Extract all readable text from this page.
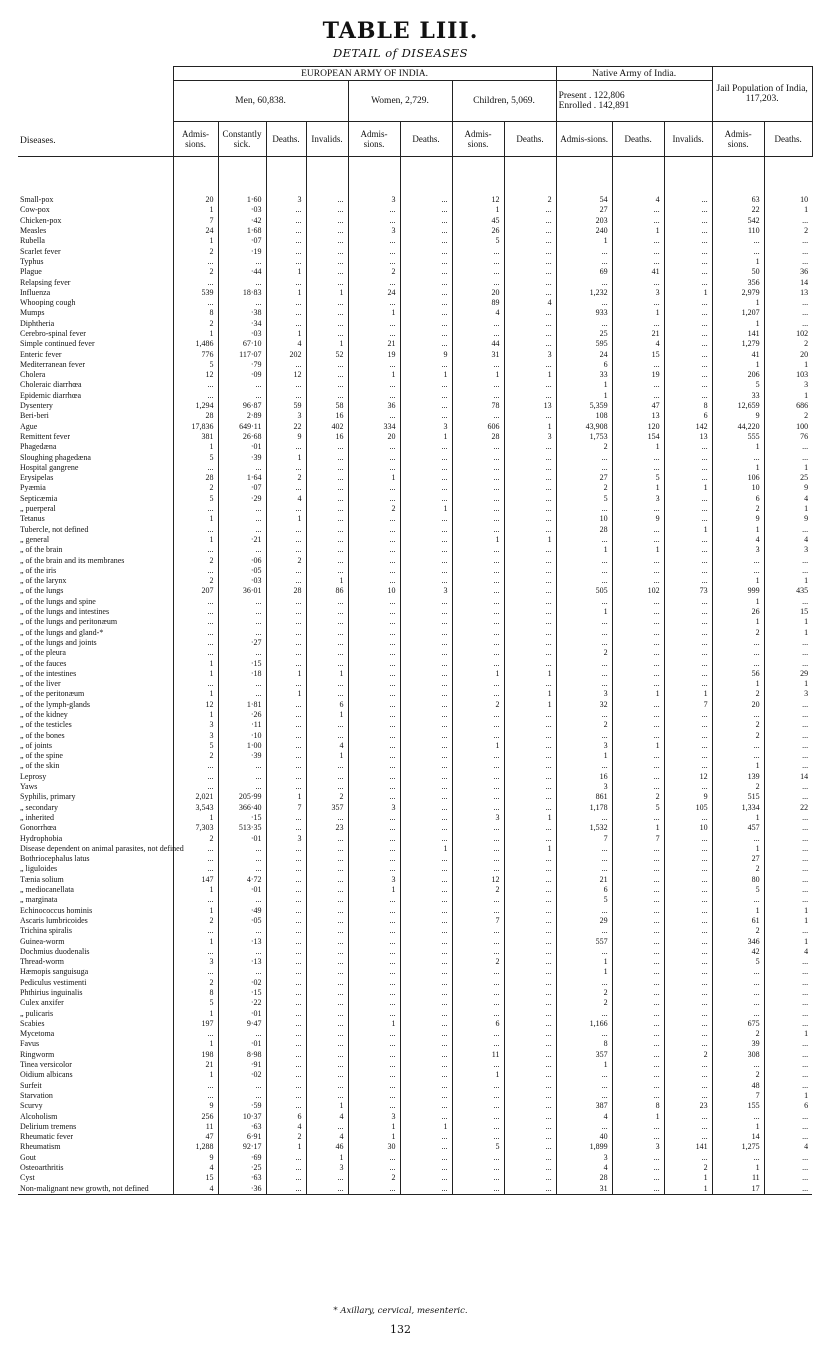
TABLE LIII.
DETAIL of DISEASES
Diseases.	EUROPEAN ARMY OF INDIA.								Native Army of India.			Jail Population of India, 117,203.	
	Men, 60,838.				Women, 2,729.		Children, 5,069.		Present . 122,806
Enrolled . 142,891				

	Admis-sions.	Constantly sick.	Deaths.	Invalids.	Admis-sions.	Deaths.	Admis-sions.	Deaths.	Admis-sions.	Deaths.	Invalids.	Admis-sions.	Deaths.

Small-pox	20	1·60	3	...	3	...	12	2	54	4	...	63	10
Cow-pox	1	·03	...	...	...	...	1	...	27	...	...	22	1
Chicken-pox	7	·42	...	...	...	...	45	...	203	...	...	542	...
Measles	24	1·68	...	...	3	...	26	...	240	1	...	110	2
Rubella	1	·07	...	...	...	...	5	...	1	...	...	...	...
Scarlet fever	2	·19	...	...	...	...	...	...	...	...	...	...	...
Typhus	...	...	...	...	...	...	...	...	...	...	...	1	...
Plague	2	·44	1	...	2	...	...	...	69	41	...	50	36
Relapsing fever	...	...	...	...	...	...	...	...	...	...	...	356	14
Influenza	539	18·83	1	1	24	...	20	...	1,232	3	1	2,979	13
Whooping cough	...	...	...	...	...	...	89	4	...	...	...	1	...
Mumps	8	·38	...	...	1	...	4	...	933	1	...	1,207	...
Diphtheria	2	·34	...	...	...	...	...	...	...	...	...	1	...
Cerebro-spinal fever	1	·03	1	...	...	...	...	...	25	21	...	141	102
Simple continued fever	1,486	67·10	4	1	21	...	44	...	595	4	...	1,279	2
Enteric fever	776	117·07	202	52	19	9	31	3	24	15	...	41	20
Mediterranean fever	5	·79	...	...	...	...	...	...	6	...	...	1	1
Cholera	12	·09	12	...	1	1	1	1	33	19	...	206	103
Choleraic diarrhœa	...	...	...	...	...	...	...	...	1	...	...	5	3
Epidemic diarrhœa	...	...	...	...	...	...	...	...	1	...	...	33	1
Dysentery	1,294	96·87	59	58	36	...	78	13	5,359	47	8	12,659	686
Beri-beri	28	2·89	3	16	...	...	...	...	108	13	6	9	2
Ague	17,836	649·11	22	402	334	3	606	1	43,908	120	142	44,220	100
Remittent fever	381	26·68	9	16	20	1	28	3	1,753	154	13	555	76
Phagedæna	1	·01	...	...	...	...	...	...	2	1	...	1	...
Sloughing phagedæna	5	·39	1	...	...	...	...	...	...	...	...	...	...
Hospital gangrene	...	...	...	...	...	...	...	...	...	...	...	1	1
Erysipelas	28	1·64	2	...	1	...	...	...	27	5	...	106	25
Pyæmia	2	·07	...	...	...	...	...	...	2	1	1	10	9
Septicæmia	5	·29	4	...	...	...	...	...	5	3	...	6	4
„ puerperal	...	...	...	...	2	1	...	...	...	...	...	2	1
Tetanus	1	...	1	...	...	...	...	...	10	9	...	9	9
Tubercle, not defined	...	...	...	...	...	...	...	...	28	...	1	1	...
„ general	1	·21	...	...	...	...	1	1	...	...	...	4	4
„ of the brain	...	...	...	...	...	...	...	...	1	1	...	3	3
„ of the brain and its membranes	2	·06	2	...	...	...	...	...	...	...	...	...	...
„ of the iris	...	·05	...	...	...	...	...	...	...	...	...	...	...
„ of the larynx	2	·03	...	1	...	...	...	...	...	...	...	1	1
„ of the lungs	207	36·01	28	86	10	3	...	...	505	102	73	999	435
„ of the lungs and spine	...	...	...	...	...	...	...	...	...	...	...	1	...
„ of the lungs and intestines	...	...	...	...	...	...	...	...	1	...	...	26	15
„ of the lungs and peritonæum	...	...	...	...	...	...	...	...	...	...	...	1	1
„ of the lungs and gland-*	...	...	...	...	...	...	...	...	...	...	...	2	1
„ of the lungs and joints	...	·27	...	...	...	...	...	...	...	...	...	...	...
„ of the pleura	...	...	...	...	...	...	...	...	2	...	...	...	...
„ of the fauces	1	·15	...	...	...	...	...	...	...	...	...	...	...
„ of the intestines	1	·18	1	1	...	...	1	1	...	...	...	56	29
„ of the liver	...	...	...	...	...	...	...	...	...	...	...	1	1
„ of the peritonæum	1	...	1	...	...	...	...	1	3	1	1	2	3
„ of the lymph-glands	12	1·81	...	6	...	...	2	1	32	...	7	20	...
„ of the kidney	1	·26	...	1	...	...	...	...	...	...	...	...	...
„ of the testicles	3	·11	...	...	...	...	...	...	2	...	...	2	...
„ of the bones	3	·10	...	...	...	...	...	...	...	...	...	2	...
„ of joints	5	1·00	...	4	...	...	1	...	3	1	...	...	...
„ of the spine	2	·39	...	1	...	...	...	...	1	...	...	...	...
„ of the skin	...	...	...	...	...	...	...	...	...	...	...	1	...
Leprosy	...	...	...	...	...	...	...	...	16	...	12	139	14
Yaws	...	...	...	...	...	...	...	...	3	...	...	2	...
Syphilis, primary	2,021	205·99	1	2	...	...	...	...	861	2	9	515	...
„ secondary	3,543	366·40	7	357	3	...	...	...	1,178	5	105	1,334	22
„ inherited	1	·15	...	...	...	...	3	1	...	...	...	1	...
Gonorrhœa	7,303	513·35	...	23	...	...	...	...	1,532	1	10	457	...
Hydrophobia	2	·01	3	...	...	...	...	...	7	7	...	...	...
Disease dependent on animal parasites, not defined	...	...	...	...	...	1	...	1	...	...	...	1	...
Bothriocephalus latus	...	...	...	...	...	...	...	...	...	...	...	27	...
„ liguloides	...	...	...	...	...	...	...	...	...	...	...	2	...
Tænia solium	147	4·72	...	...	3	...	12	...	21	...	...	80	...
„ mediocanellata	1	·01	...	...	1	...	2	...	6	...	...	5	...
„ marginata	...	...	...	...	...	...	...	...	5	...	...	...	...
Echinococcus hominis	1	·49	...	...	...	...	...	...	...	...	...	1	1
Ascaris lumbricoides	2	·05	...	...	...	...	7	...	29	...	...	61	1
Trichina spiralis	...	...	...	...	...	...	...	...	...	...	...	2	...
Guinea-worm	1	·13	...	...	...	...	...	...	557	...	...	346	1
Dochmius duodenalis	...	...	...	...	...	...	...	...	...	...	...	42	4
Thread-worm	3	·13	...	...	...	...	2	...	1	...	...	5	...
Hæmopis sanguisuga	...	...	...	...	...	...	...	...	1	...	...	...	...
Pediculus vestimenti	2	·02	...	...	...	...	...	...	...	...	...	...	...
Phthirius inguinalis	8	·15	...	...	...	...	...	...	2	...	...	...	...
Culex anxifer	5	·22	...	...	...	...	...	...	2	...	...	...	...
„ pulicaris	1	·01	...	...	...	...	...	...	...	...	...	...	...
Scabies	197	9·47	...	...	1	...	6	...	1,166	...	...	675	...
Mycetoma	...	...	...	...	...	...	...	...	...	...	...	2	1
Favus	1	·01	...	...	...	...	...	...	8	...	...	39	...
Ringworm	198	8·98	...	...	...	...	11	...	357	...	2	308	...
Tinea versicolor	21	·91	...	...	...	...	...	...	1	...	...	...	...
Oidium albicans	1	·02	...	...	...	...	1	...	...	...	...	2	...
Surfeit	...	...	...	...	...	...	...	...	...	...	...	48	...
Starvation	...	...	...	...	...	...	...	...	...	...	...	7	1
Scurvy	9	·59	...	1	...	...	...	...	387	8	23	155	6
Alcoholism	256	10·37	6	4	3	...	...	...	4	1	...	...	...
Delirium tremens	11	·63	4	...	1	1	...	...	...	...	...	1	...
Rheumatic fever	47	6·91	2	4	1	...	...	...	40	...	...	14	...
Rheumatism	1,288	92·17	1	46	30	...	5	...	1,899	3	141	1,275	4
Gout	9	·69	...	1	...	...	...	...	3	...	...	...	...
Osteoarthritis	4	·25	...	3	...	...	...	...	4	...	2	1	...
Cyst	15	·63	...	...	2	...	...	...	28	...	1	11	...
Non-malignant new growth, not defined	4	·36	...	...	...	...	...	...	31	...	1	17	...
* Axillary, cervical, mesenteric.
132
